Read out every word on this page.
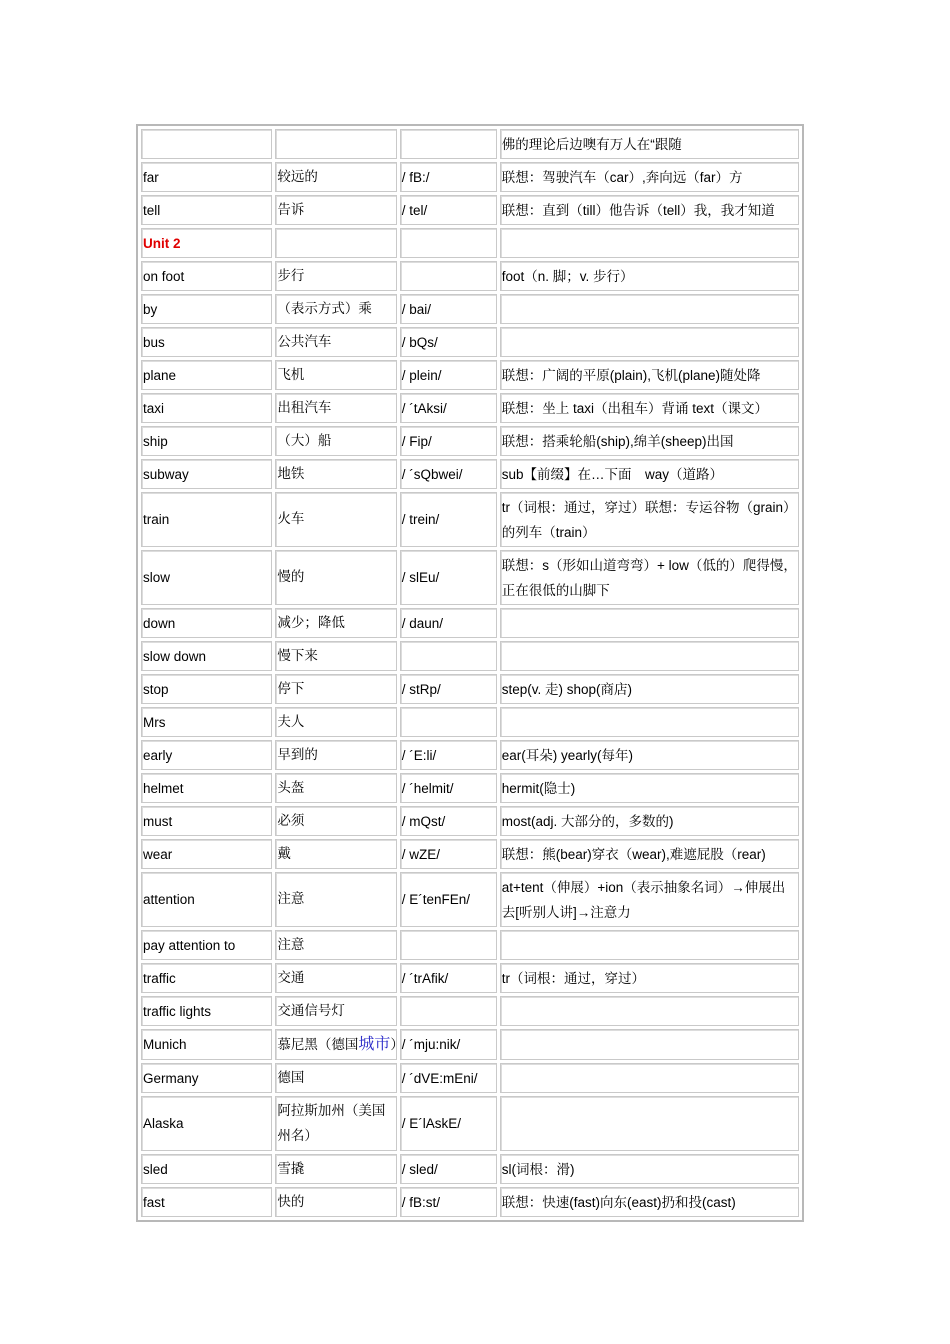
			佛的理论后边噢有万人在“跟随
far	较远的	/ fB:/	联想：驾驶汽车（car）,奔向远（far）方
tell	告诉	/ tel/	联想：直到（till）他告诉（tell）我，我才知道
Unit 2			
on foot	步行		foot（n. 脚；v. 步行）
by	（表示方式）乘	/ bai/	
bus	公共汽车	/ bQs/	
plane	飞机	/ plein/	联想：广阔的平原(plain),飞机(plane)随处降
taxi	出租汽车	/ ´tAksi/	联想：坐上 taxi（出租车）背诵 text（课文）
ship	（大）船	/ Fip/	联想：搭乘轮船(ship),绵羊(sheep)出国
subway	地铁	/ ´sQbwei/	sub【前缀】在…下面　way（道路）
train	火车	/ trein/	tr（词根：通过，穿过）联想：专运谷物（grain）的列车（train）
slow	慢的	/ slEu/	联想：s（形如山道弯弯）+ low（低的）爬得慢，正在很低的山脚下
down	减少；降低	/ daun/	
slow down	慢下来		
stop	停下	/ stRp/	step(v. 走) shop(商店)
Mrs	夫人		
early	早到的	/ ´E:li/	ear(耳朵) yearly(每年)
helmet	头盔	/ ´helmit/	hermit(隐士)
must	必须	/ mQst/	most(adj. 大部分的，多数的)
wear	戴	/ wZE/	联想：熊(bear)穿衣（wear),难遮屁股（rear)
attention	注意	/ E´tenFEn/	at+tent（伸展）+ion（表示抽象名词）→伸展出去[听别人讲]→注意力
pay attention to	注意		
traffic	交通	/ ´trAfik/	tr（词根：通过，穿过）
traffic lights	交通信号灯		
Munich	慕尼黑（德国城市）	/ ´mju:nik/	
Germany	德国	/ ´dVE:mEni/	
Alaska	阿拉斯加州（美国州名）	/ E´lAskE/	
sled	雪撬	/ sled/	sl(词根：滑)
fast	快的	/ fB:st/	联想：快速(fast)向东(east)扔和投(cast)
